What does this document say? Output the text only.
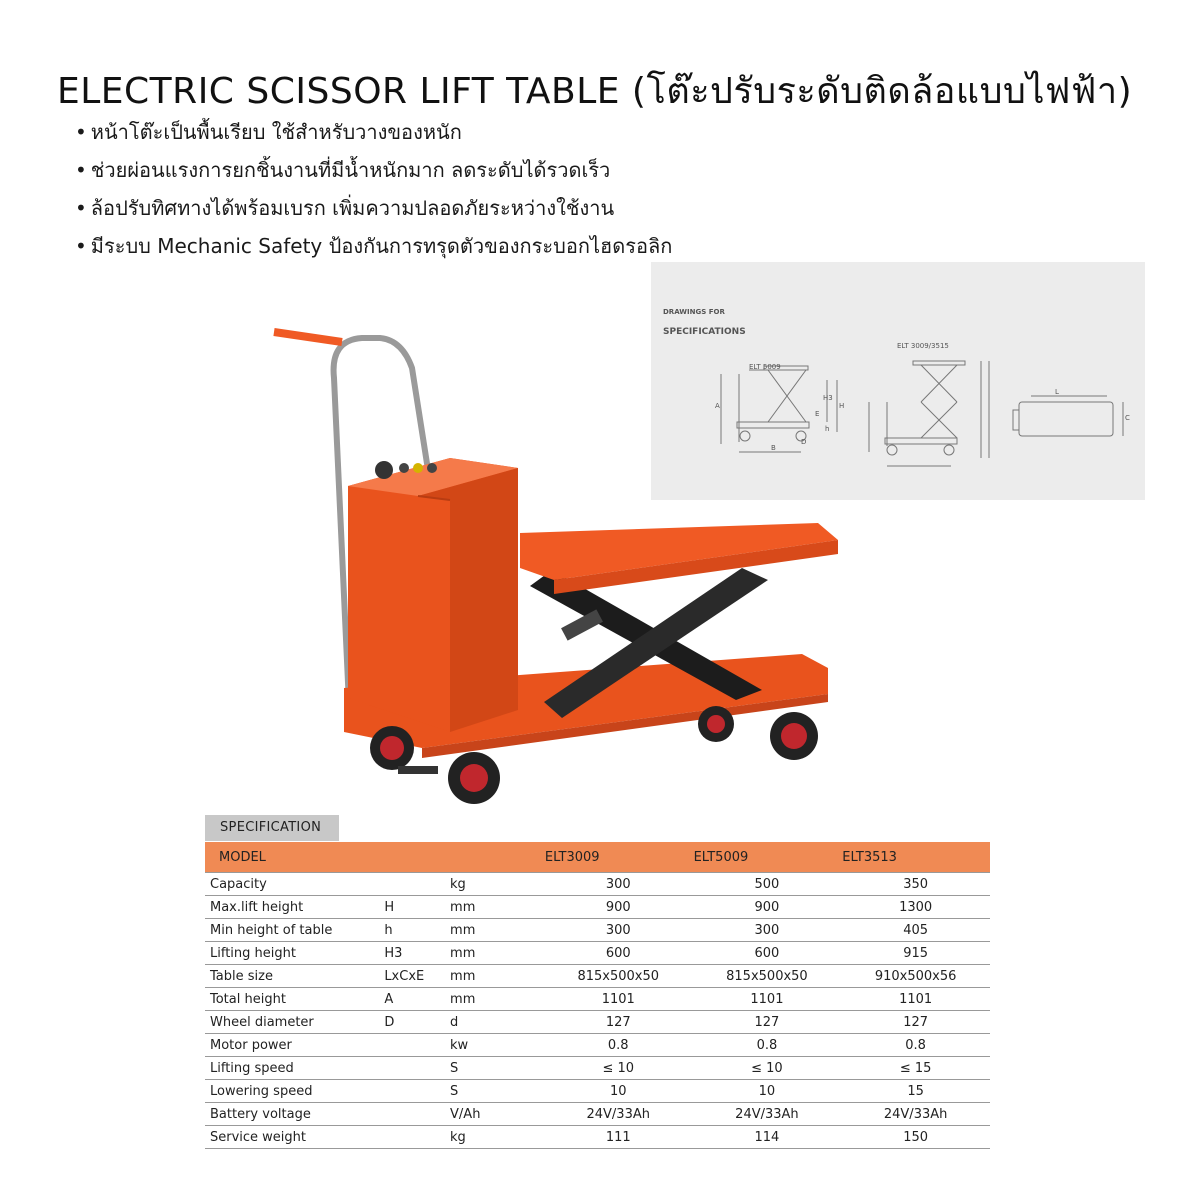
ELECTRIC SCISSOR LIFT TABLE (โต๊ะปรับระดับติดล้อแบบไฟฟ้า)
• หน้าโต๊ะเป็นพื้นเรียบ ใช้สำหรับวางของหนัก
• ช่วยผ่อนแรงการยกชิ้นงานที่มีน้ำหนักมาก ลดระดับได้รวดเร็ว
• ล้อปรับทิศทางได้พร้อมเบรก เพิ่มความปลอดภัยระหว่างใช้งาน
• มีระบบ Mechanic Safety ป้องกันการทรุดตัวของกระบอกไฮดรอลิก
DRAWINGS FOR
SPECIFICATIONS
ELT 5009
ELT 3009/3515
A
B
H
H3
E
h
D
L
C
SPECIFICATION
MODEL			ELT3009	ELT5009	ELT3513
Capacity		kg	300	500	350
Max.lift height	H	mm	900	900	1300
Min height of table	h	mm	300	300	405
Lifting height	H3	mm	600	600	915
Table size	LxCxE	mm	815x500x50	815x500x50	910x500x56
Total height	A	mm	1101	1101	1101
Wheel diameter	D	d	127	127	127
Motor power		kw	0.8	0.8	0.8
Lifting speed		S	≤ 10	≤ 10	≤ 15
Lowering speed		S	10	10	15
Battery voltage		V/Ah	24V/33Ah	24V/33Ah	24V/33Ah
Service weight		kg	111	114	150
